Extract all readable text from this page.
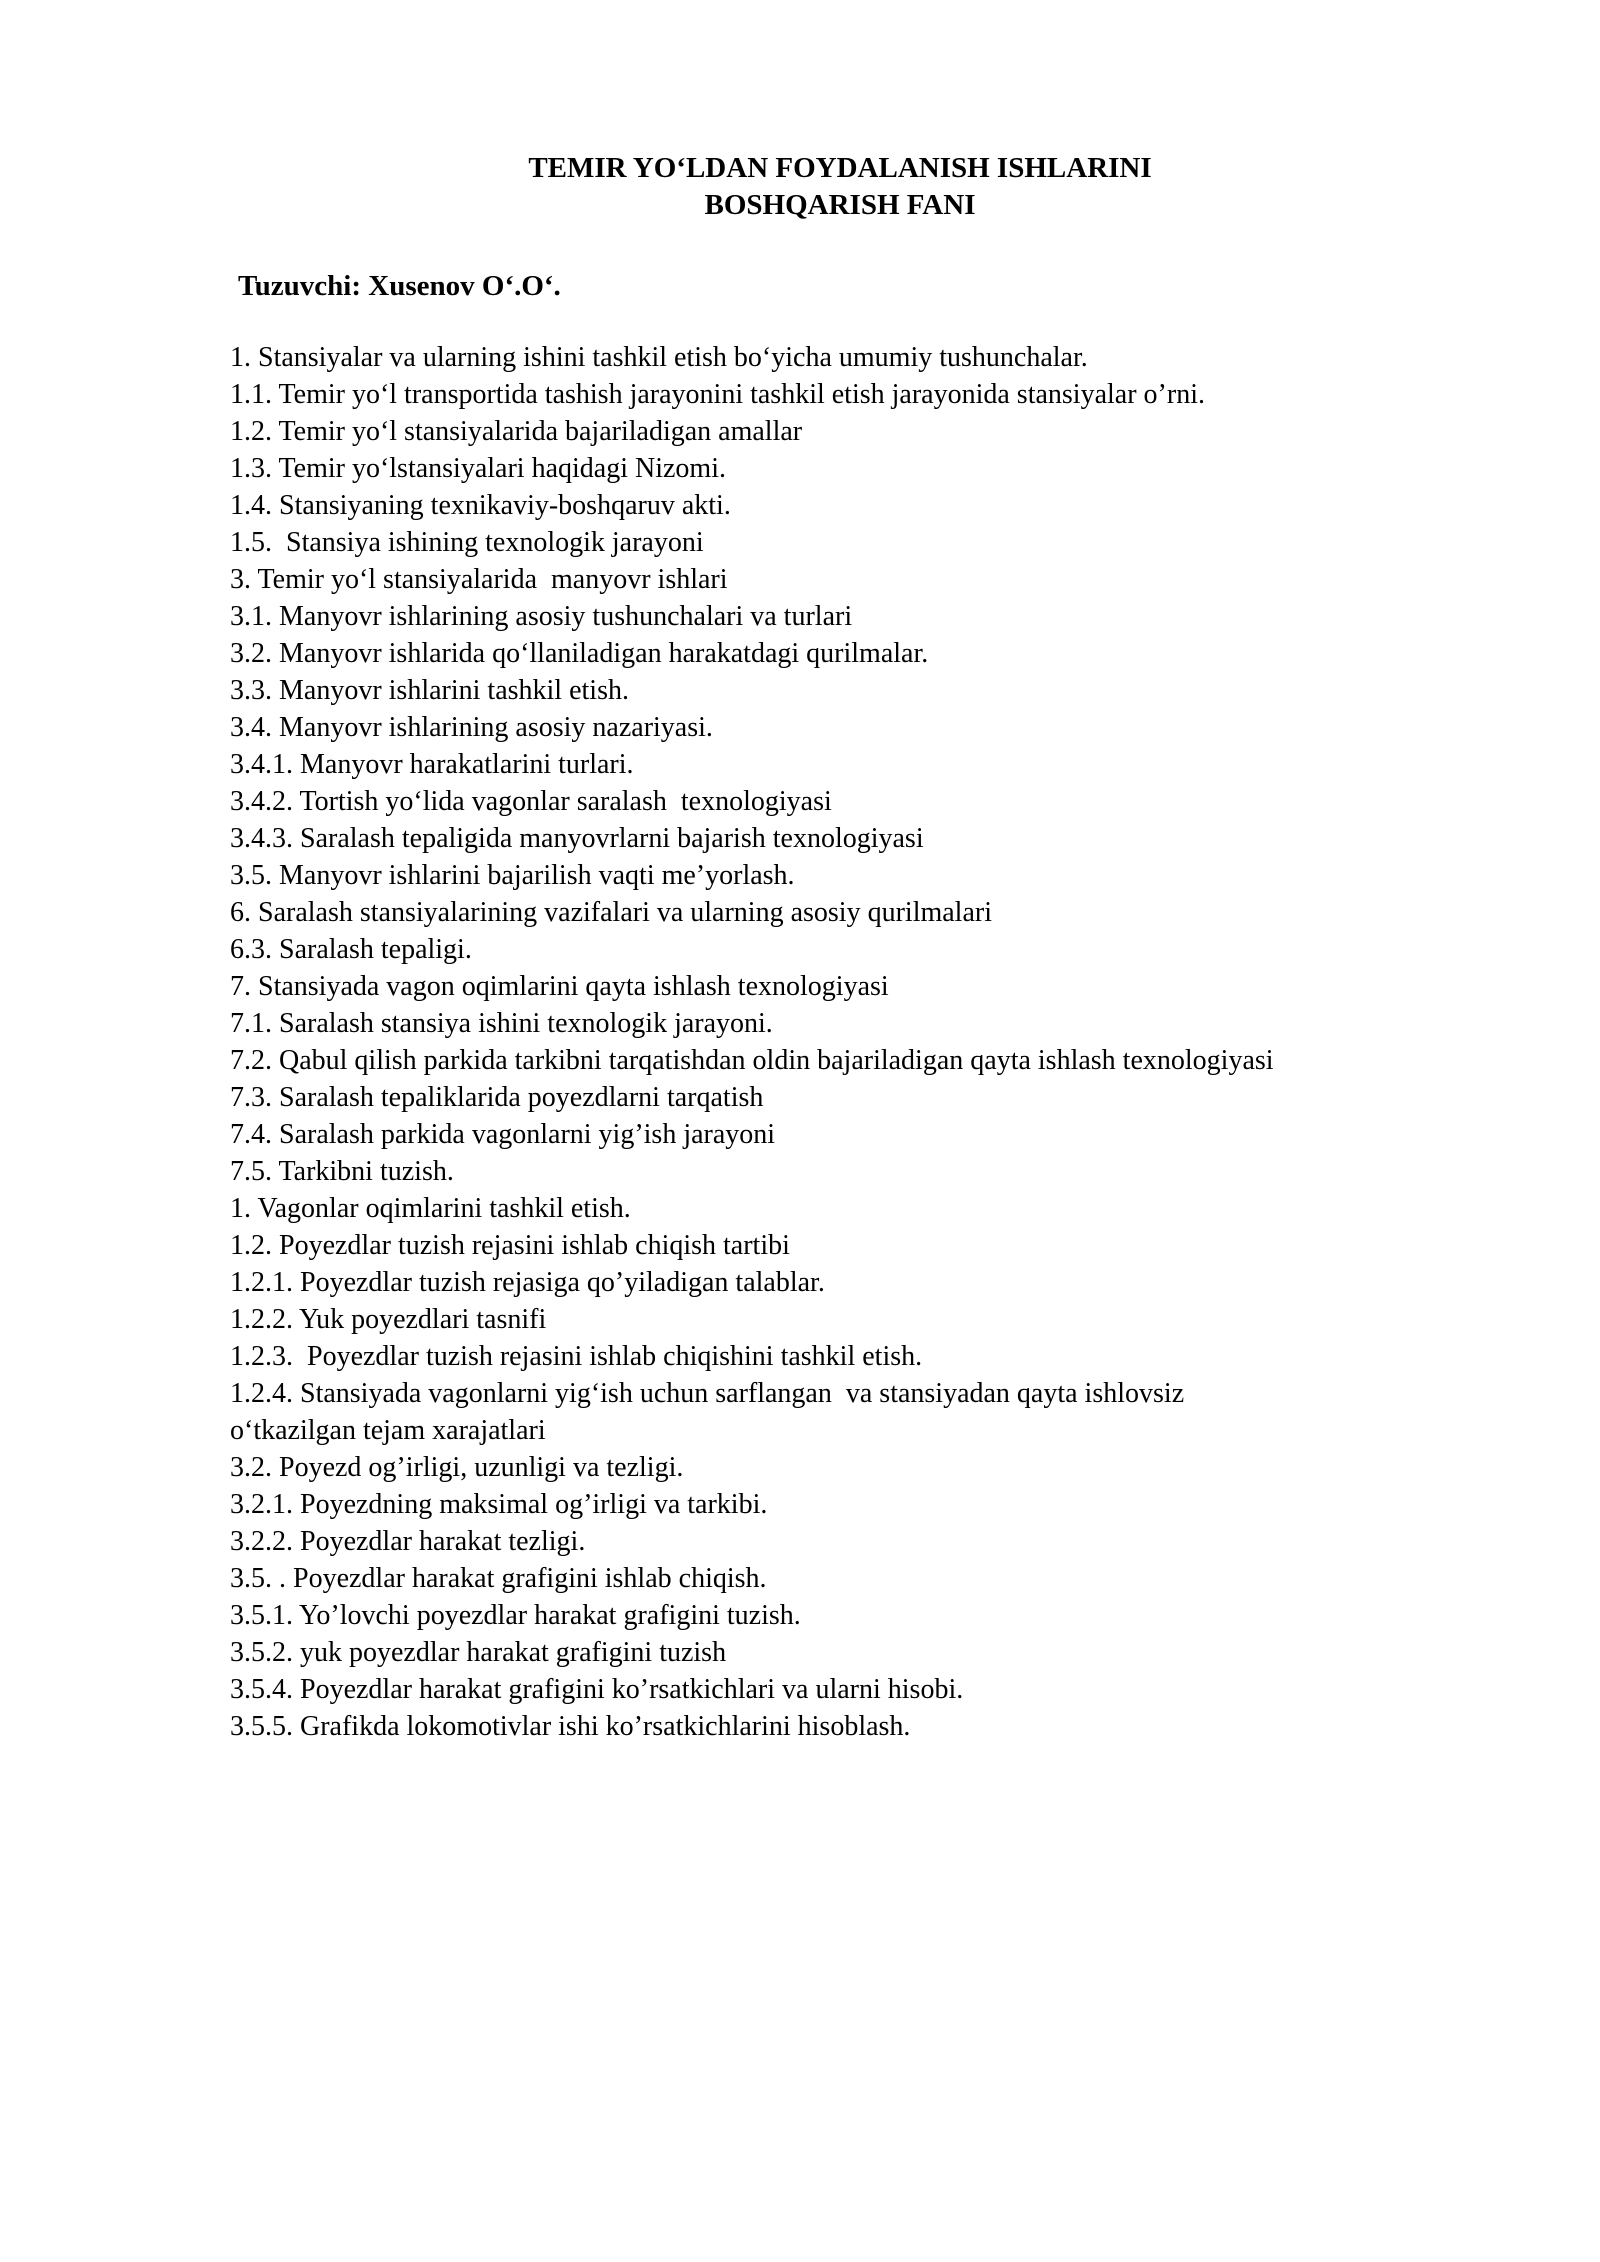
TEMIR YO‘LDAN FOYDALANISH ISHLARINI
BOSHQARISH FANI
Tuzuvchi: Xusenov O‘.O‘.
1. Stansiyalar va ularning ishini tashkil etish bo‘yicha umumiy tushunchalar.
1.1. Temir yo‘l transportida tashish jarayonini tashkil etish jarayonida stansiyalar o’rni.
1.2. Temir yo‘l stansiyalarida bajariladigan amallar
1.3. Temir yo‘lstansiyalari haqidagi Nizomi.
1.4. Stansiyaning texnikaviy-boshqaruv akti.
1.5.  Stansiya ishining texnologik jarayoni
3. Temir yo‘l stansiyalarida  manyovr ishlari
3.1. Manyovr ishlarining asosiy tushunchalari va turlari
3.2. Manyovr ishlarida qo‘llaniladigan harakatdagi qurilmalar.
3.3. Manyovr ishlarini tashkil etish.
3.4. Manyovr ishlarining asosiy nazariyasi.
3.4.1. Manyovr harakatlarini turlari.
3.4.2. Tortish yo‘lida vagonlar saralash  texnologiyasi
3.4.3. Saralash tepaligida manyovrlarni bajarish texnologiyasi
3.5. Manyovr ishlarini bajarilish vaqti me’yorlash.
6. Saralash stansiyalarining vazifalari va ularning asosiy qurilmalari
6.3. Saralash tepaligi.
7. Stansiyada vagon oqimlarini qayta ishlash texnologiyasi
7.1. Saralash stansiya ishini texnologik jarayoni.
7.2. Qabul qilish parkida tarkibni tarqatishdan oldin bajariladigan qayta ishlash texnologiyasi
7.3. Saralash tepaliklarida poyezdlarni tarqatish
7.4. Saralash parkida vagonlarni yig’ish jarayoni
7.5. Tarkibni tuzish.
1. Vagonlar oqimlarini tashkil etish.
1.2. Poyezdlar tuzish rejasini ishlab chiqish tartibi
1.2.1. Poyezdlar tuzish rejasiga qo’yiladigan talablar.
1.2.2. Yuk poyezdlari tasnifi
1.2.3.  Poyezdlar tuzish rejasini ishlab chiqishini tashkil etish.
1.2.4. Stansiyada vagonlarni yig‘ish uchun sarflangan  va stansiyadan qayta ishlovsiz
o‘tkazilgan tejam xarajatlari
3.2. Poyezd og’irligi, uzunligi va tezligi.
3.2.1. Poyezdning maksimal og’irligi va tarkibi.
3.2.2. Poyezdlar harakat tezligi.
3.5. . Poyezdlar harakat grafigini ishlab chiqish.
3.5.1. Yo’lovchi poyezdlar harakat grafigini tuzish.
3.5.2. yuk poyezdlar harakat grafigini tuzish
3.5.4. Poyezdlar harakat grafigini ko’rsatkichlari va ularni hisobi.
3.5.5. Grafikda lokomotivlar ishi ko’rsatkichlarini hisoblash.
